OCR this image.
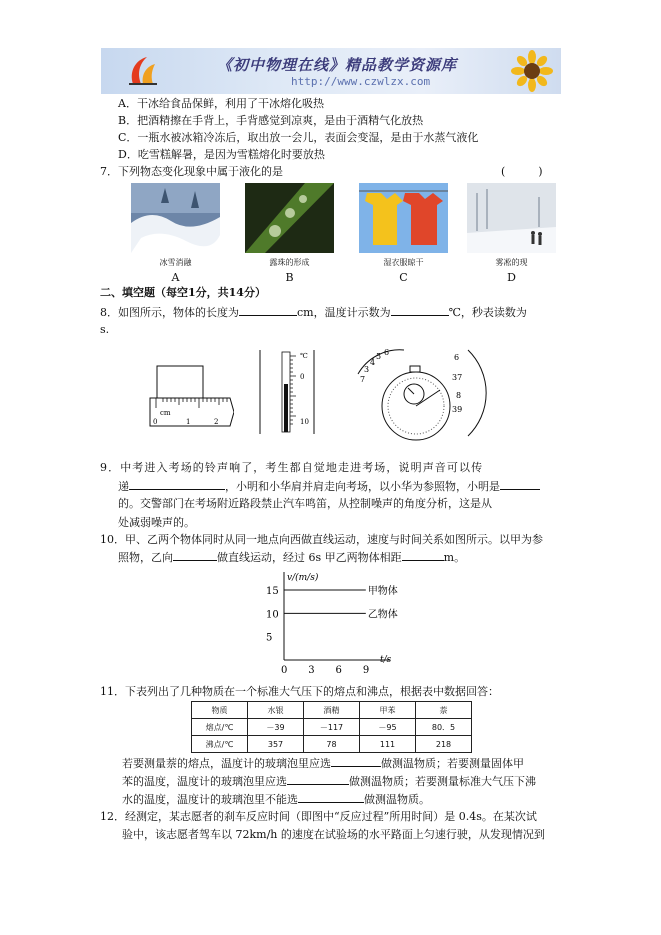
《初中物理在线》精品教学资源库
http://www.czwlzx.com
A．干冰给食品保鲜，利用了干冰熔化吸热
B．把酒精擦在手背上，手背感觉到凉爽，是由于酒精气化放热
C．一瓶水被冰箱冷冻后，取出放一会儿，表面会变湿，是由于水蒸气液化
D．吃雪糕解暑，是因为雪糕熔化时要放热
7．下列物态变化现象中属于液化的是	(　　　)
冰雪消融	露珠的形成	湿衣服晾干	雾凇的现
A	B	C	D
二、填空题（每空1分，共14分）
8．如图所示，物体的长度为	cm，温度计示数为	℃，秒表读数为
s.
cm
0	1	2
℃
0
10
3
4
5 6
7
6
37
8
39
9．中考进入考场的铃声响了，考生都自觉地走进考场，说明声音可以传
递	，小明和小华肩并肩走向考场，以小华为参照物，小明是
的。交警部门在考场附近路段禁止汽车鸣笛，从控制噪声的角度分析，这是从
处减弱噪声的。
10．甲、乙两个物体同时从同一地点向西做直线运动，速度与时间关系如图所示。以甲为参
照物，乙向	做直线运动，经过 6s 甲乙两物体相距	m。
v/(m/s)
t/s
0 3 6 9
5
10
15	甲物体
乙物体
11．下表列出了几种物质在一个标准大气压下的熔点和沸点，根据表中数据回答：
物质	水银	酒精	甲苯	萘
熔点/℃	－39	－117	－95	80．5
沸点/℃	357	78	111	218
若要测量萘的熔点，温度计的玻璃泡里应选	做测温物质；若要测量固体甲
苯的温度，温度计的玻璃泡里应选	做测温物质；若要测量标准大气压下沸
水的温度，温度计的玻璃泡里不能选	做测温物质。
12．经测定，某志愿者的刹车反应时间（即图中“反应过程”所用时间）是 0.4s。在某次试
验中，该志愿者驾车以 72km/h 的速度在试验场的水平路面上匀速行驶，从发现情况到
